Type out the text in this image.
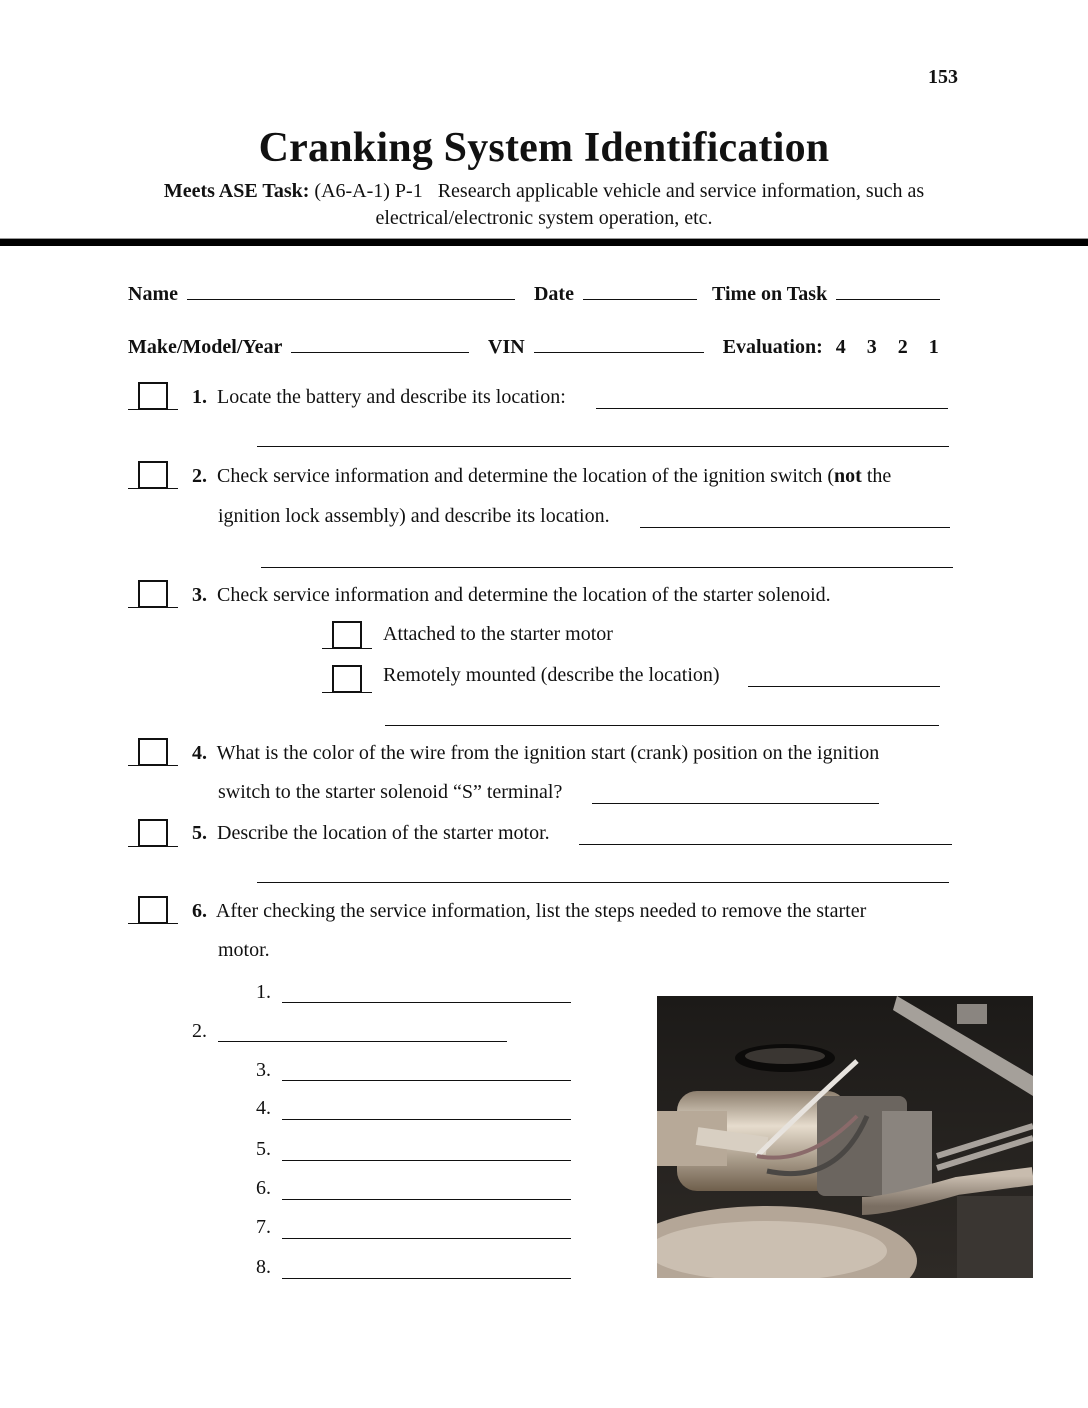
153
Cranking System Identification
Meets ASE Task: (A6-A-1) P-1   Research applicable vehicle and service information, such as
electrical/electronic system operation, etc.
Name	Date	Time on Task
Make/Model/Year	VIN	Evaluation: 4 3 2 1
1. Locate the battery and describe its location:
2. Check service information and determine the location of the ignition switch (not the
ignition lock assembly) and describe its location.
3. Check service information and determine the location of the starter solenoid.
Attached to the starter motor
Remotely mounted (describe the location)
4. What is the color of the wire from the ignition start (crank) position on the ignition
switch to the starter solenoid “S” terminal?
5. Describe the location of the starter motor.
6. After checking the service information, list the steps needed to remove the starter
motor.
1.
2.
3.
4.
5.
6.
7.
8.
